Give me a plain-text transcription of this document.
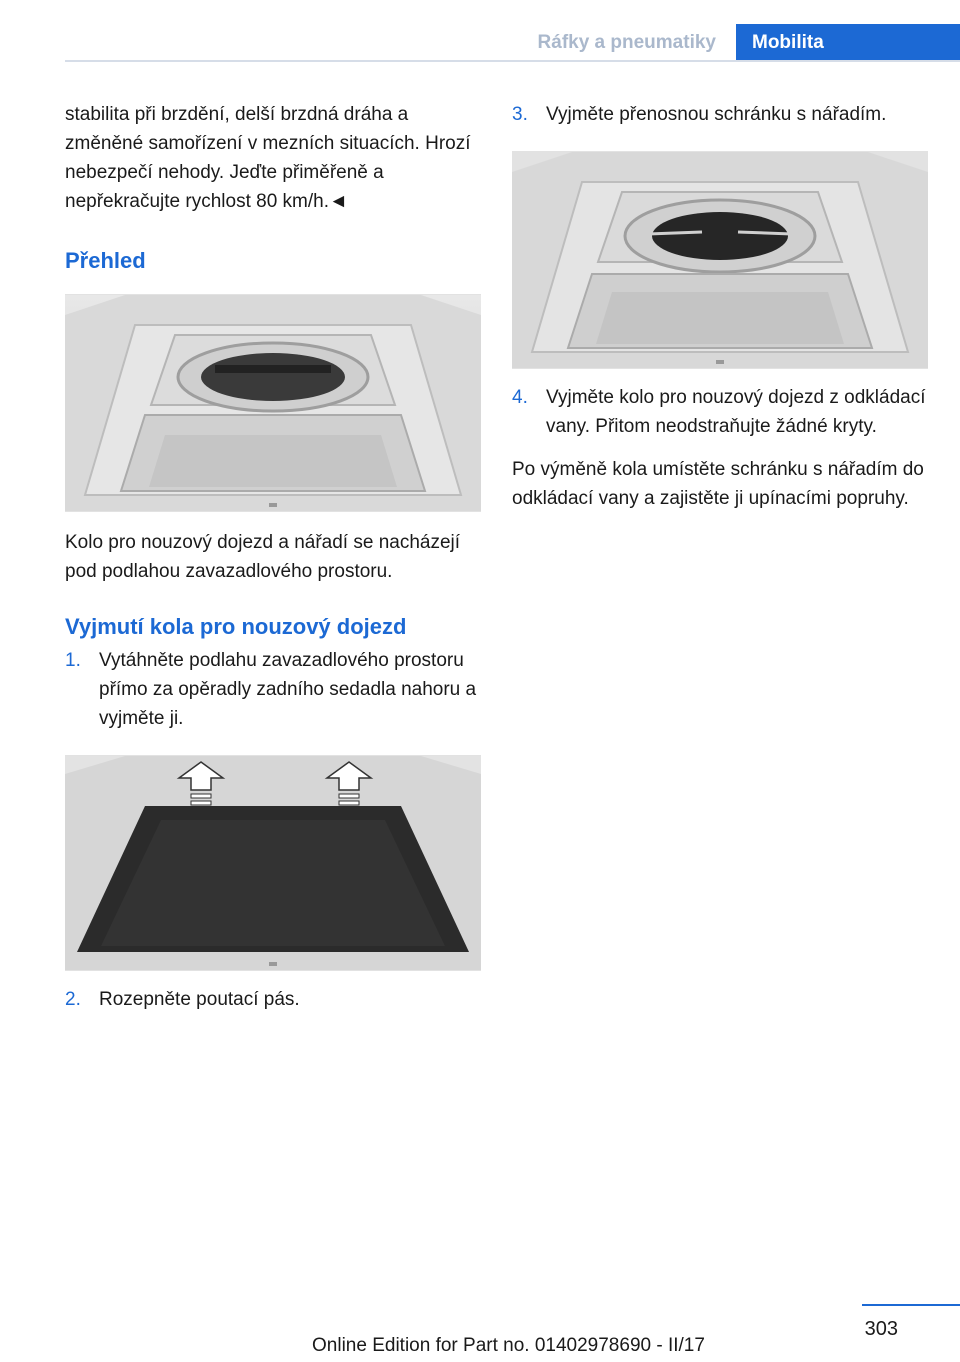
Ráfky a pneumatiky	Mobilita

stabilita při brzdění, delší brzdná dráha a změněné samořízení v mezních situacích. Hrozí nebezpečí nehody. Jeďte přiměřeně a nepřekračujte rychlost 80 km/h.◄

Přehled

Kolo pro nouzový dojezd a nářadí se nacházejí pod podlahou zavazadlového prostoru.

Vyjmutí kola pro nouzový dojezd
1. Vytáhněte podlahu zavazadlového prostoru přímo za opěradly zadního sedadla nahoru a vyjměte ji.
2. Rozepněte poutací pás.
3. Vyjměte přenosnou schránku s nářadím.
4. Vyjměte kolo pro nouzový dojezd z odkládací vany. Přitom neodstraňujte žádné kryty.

Po výměně kola umístěte schránku s nářadím do odkládací vany a zajistěte ji upínacími popruhy.

303
Online Edition for Part no. 01402978690 - II/17
